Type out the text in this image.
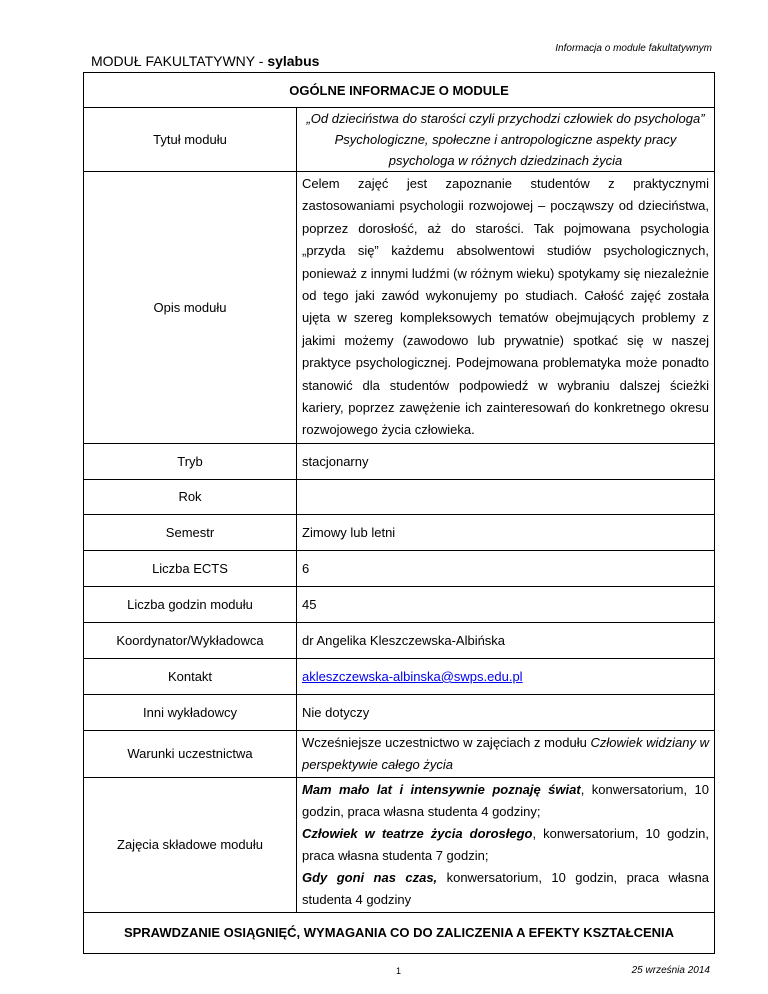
Informacja o module fakultatywnym
MODUŁ FAKULTATYWNY - sylabus
OGÓLNE INFORMACJE O MODULE	
Tytuł modułu	„Od dzieciństwa do starości czyli przychodzi człowiek do psychologa”
Psychologiczne, społeczne i antropologiczne aspekty pracy psychologa w różnych dziedzinach życia

Opis modułu	Celem zajęć jest zapoznanie studentów z praktycznymi zastosowaniami psychologii rozwojowej – począwszy od dzieciństwa, poprzez dorosłość, aż do starości. Tak pojmowana psychologia „przyda się” każdemu absolwentowi studiów psychologicznych, ponieważ z innymi ludźmi (w różnym wieku) spotykamy się niezależnie od tego jaki zawód wykonujemy po studiach. Całość zajęć została ujęta w szereg kompleksowych tematów obejmujących problemy z jakimi możemy (zawodowo lub prywatnie) spotkać się w naszej praktyce psychologicznej. Podejmowana problematyka może ponadto stanowić dla studentów podpowiedź w wybraniu dalszej ścieżki kariery, poprzez zawężenie ich zainteresowań do konkretnego okresu rozwojowego życia człowieka.
Tryb	stacjonarny
Rok	
Semestr	Zimowy lub letni
Liczba ECTS	6
Liczba godzin modułu	45
Koordynator/Wykładowca	dr Angelika Kleszczewska-Albińska
Kontakt	akleszczewska-albinska@swps.edu.pl
Inni wykładowcy	Nie dotyczy
Warunki uczestnictwa	Wcześniejsze uczestnictwo w zajęciach z modułu Człowiek widziany w perspektywie całego życia
Zajęcia składowe modułu	Mam mało lat i intensywnie poznaję świat, konwersatorium, 10 godzin, praca własna studenta 4 godziny;
Człowiek w teatrze życia dorosłego, konwersatorium, 10 godzin, praca własna studenta 7 godzin;
Gdy goni nas czas, konwersatorium, 10 godzin, praca własna studenta 4 godziny

SPRAWDZANIE OSIĄGNIĘĆ, WYMAGANIA CO DO ZALICZENIA A EFEKTY KSZTAŁCENIA	
1	25 września 2014
